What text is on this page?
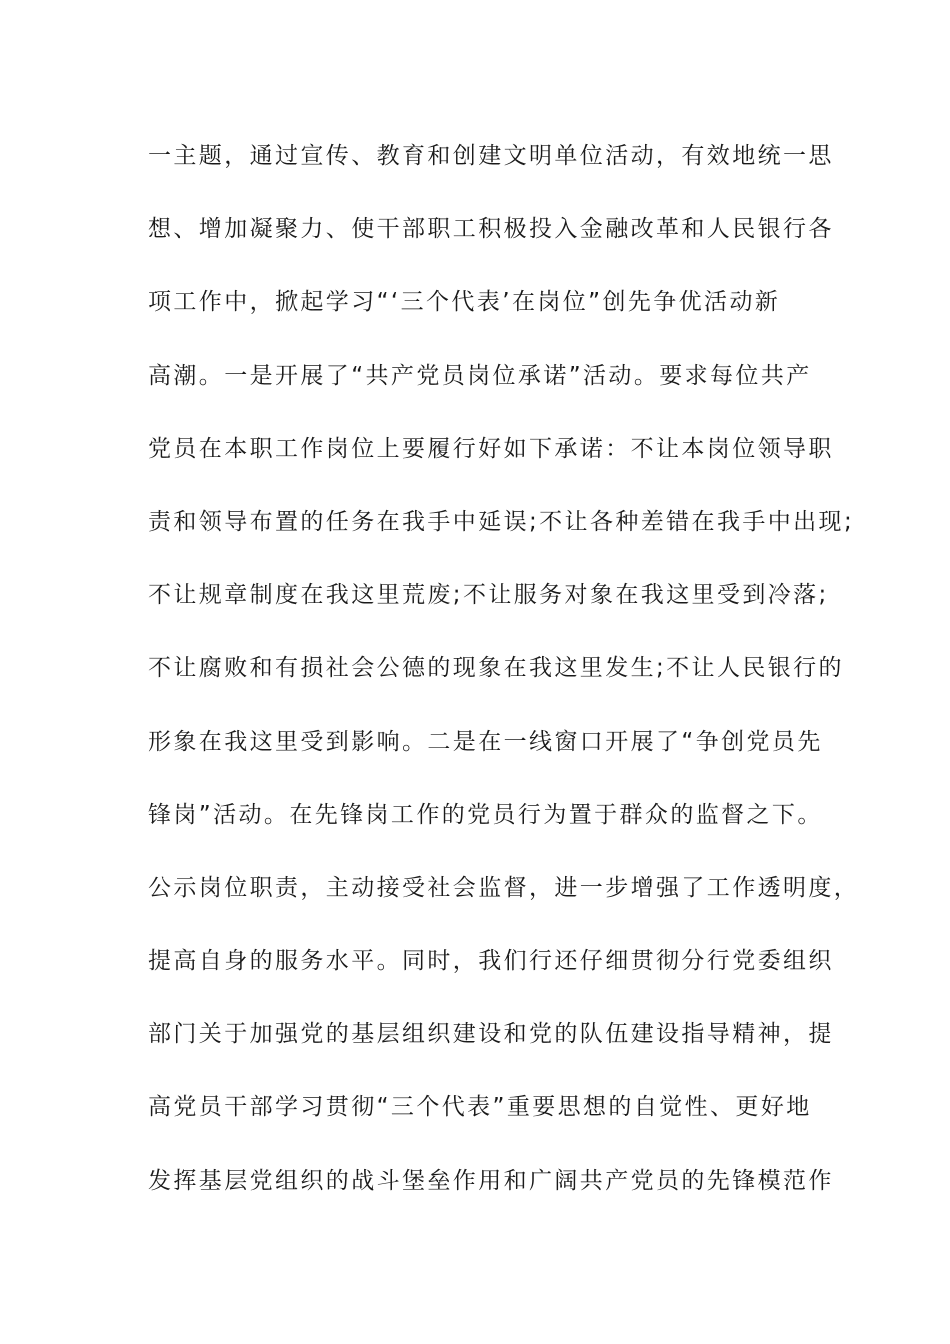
一主题，通过宣传、教育和创建文明单位活动，有效地统一思
想、增加凝聚力、使干部职工积极投入金融改革和人民银行各
项工作中，掀起学习“‘三个代表’在岗位”创先争优活动新
高潮。一是开展了“共产党员岗位承诺”活动。要求每位共产
党员在本职工作岗位上要履行好如下承诺：不让本岗位领导职
责和领导布置的任务在我手中延误;不让各种差错在我手中出现;
不让规章制度在我这里荒废;不让服务对象在我这里受到冷落;
不让腐败和有损社会公德的现象在我这里发生;不让人民银行的
形象在我这里受到影响。二是在一线窗口开展了“争创党员先
锋岗”活动。在先锋岗工作的党员行为置于群众的监督之下。
公示岗位职责，主动接受社会监督，进一步增强了工作透明度，
提高自身的服务水平。同时，我们行还仔细贯彻分行党委组织
部门关于加强党的基层组织建设和党的队伍建设指导精神，提
高党员干部学习贯彻“三个代表”重要思想的自觉性、更好地
发挥基层党组织的战斗堡垒作用和广阔共产党员的先锋模范作
